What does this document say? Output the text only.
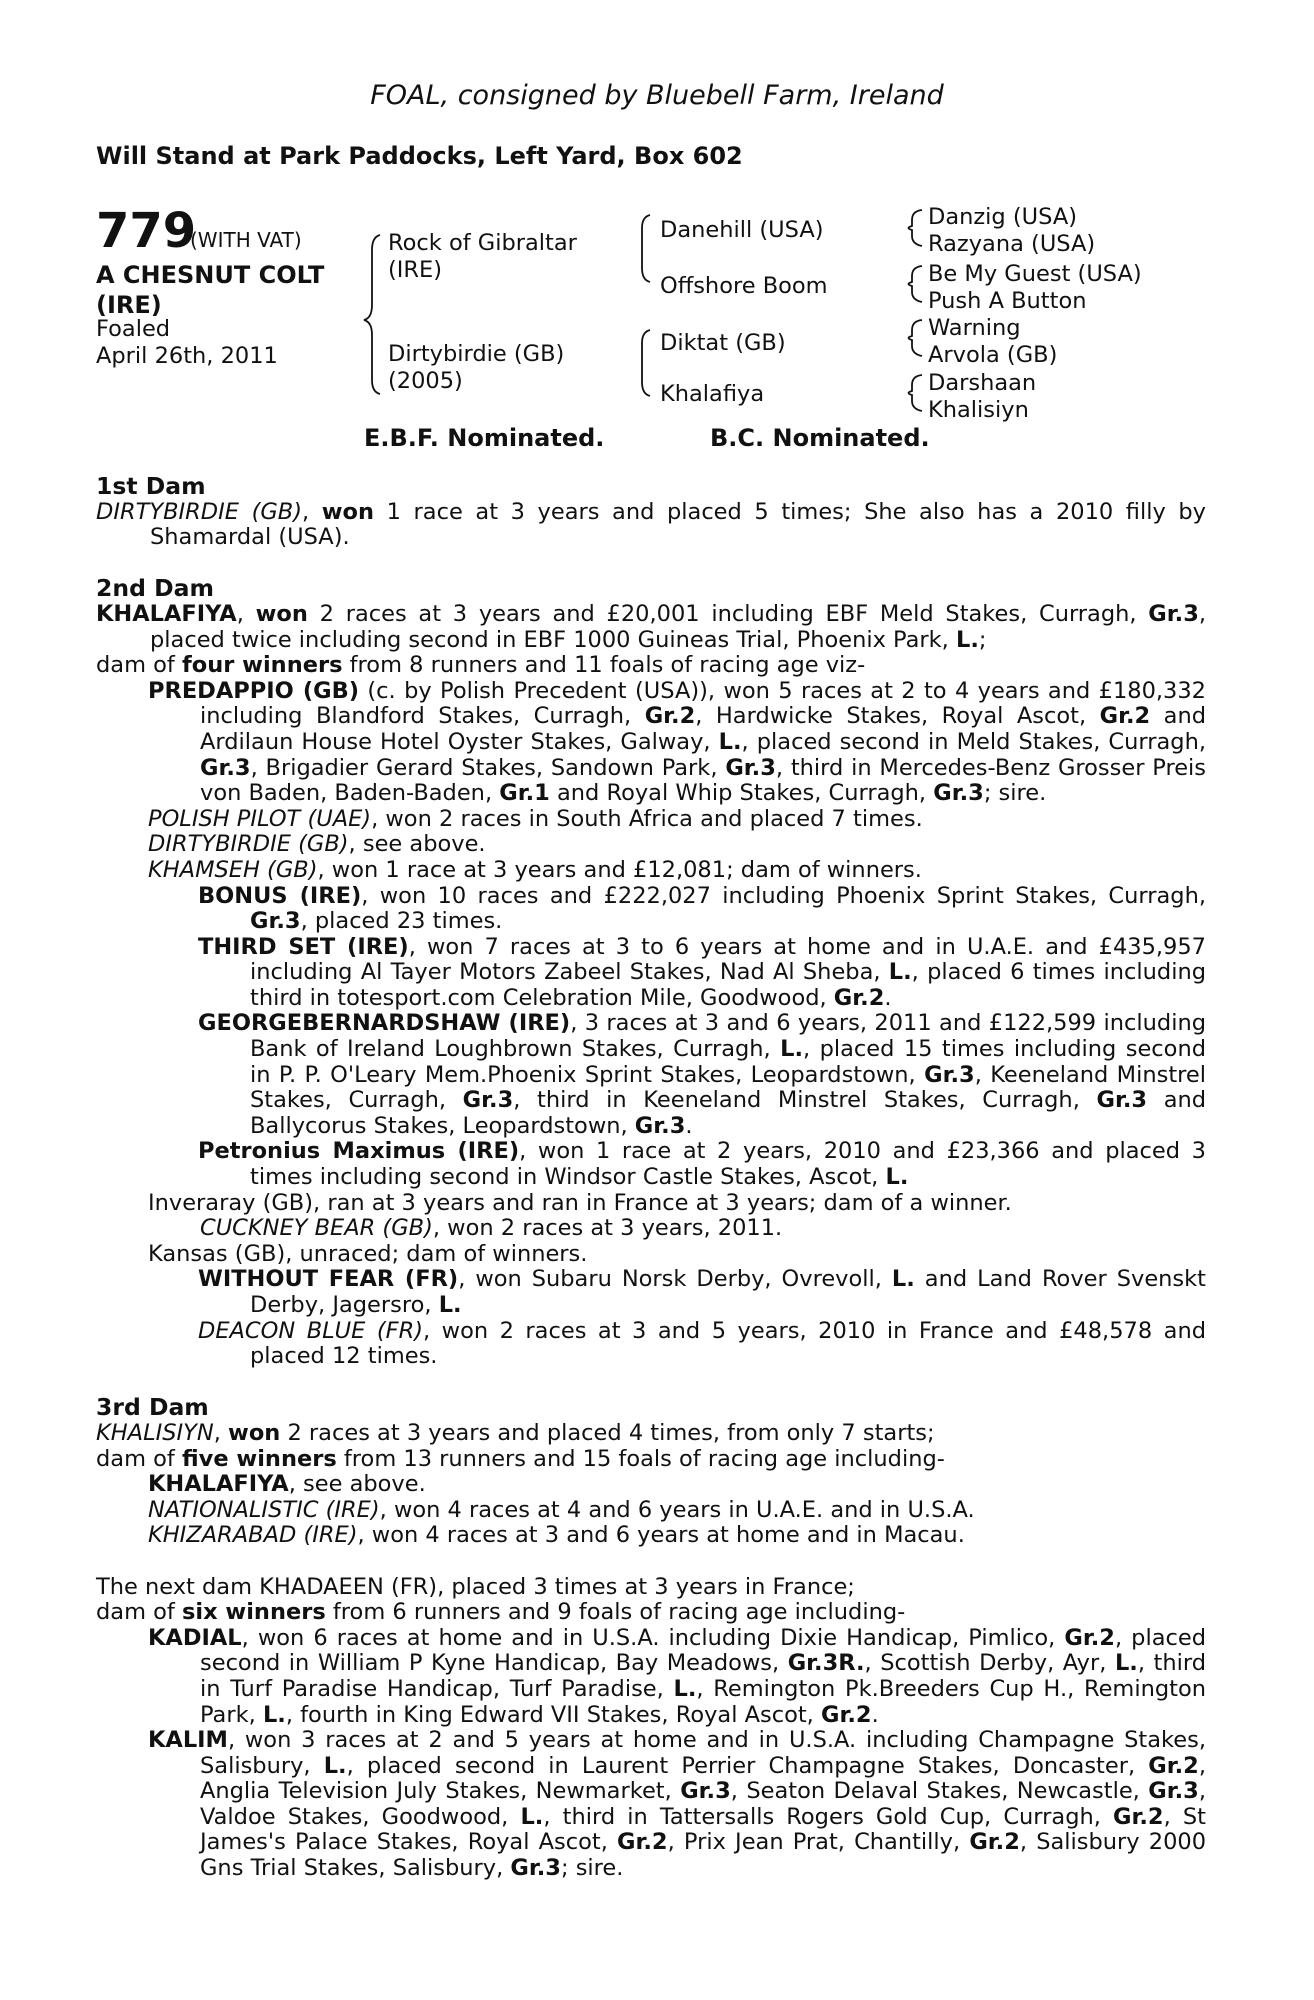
FOAL, consigned by Bluebell Farm, Ireland
Will Stand at Park Paddocks, Left Yard, Box 602
779
(WITH VAT)
A CHESNUT COLT
(IRE)
Foaled
April 26th, 2011
Rock of Gibraltar
(IRE)
Dirtybirdie (GB)
(2005)
Danehill (USA)
Offshore Boom
Diktat (GB)
Khalafiya
Danzig (USA)
Razyana (USA)
Be My Guest (USA)
Push A Button
Warning
Arvola (GB)
Darshaan
Khalisiyn
E.B.F. Nominated.	B.C. Nominated.

1st Dam

DIRTYBIRDIE (GB), won 1 race at 3 years and placed 5 times; She also has a 2010 filly by Shamardal (USA).

2nd Dam

KHALAFIYA, won 2 races at 3 years and £20,001 including EBF Meld Stakes, Curragh, Gr.3, placed twice including second in EBF 1000 Guineas Trial, Phoenix Park, L.;

dam of four winners from 8 runners and 11 foals of racing age viz-

PREDAPPIO (GB) (c. by Polish Precedent (USA)), won 5 races at 2 to 4 years and £180,332 including Blandford Stakes, Curragh, Gr.2, Hardwicke Stakes, Royal Ascot, Gr.2 and Ardilaun House Hotel Oyster Stakes, Galway, L., placed second in Meld Stakes, Curragh, Gr.3, Brigadier Gerard Stakes, Sandown Park, Gr.3, third in Mercedes-Benz Grosser Preis von Baden, Baden-Baden, Gr.1 and Royal Whip Stakes, Curragh, Gr.3; sire.

POLISH PILOT (UAE), won 2 races in South Africa and placed 7 times.

DIRTYBIRDIE (GB), see above.

KHAMSEH (GB), won 1 race at 3 years and £12,081; dam of winners.

BONUS (IRE), won 10 races and £222,027 including Phoenix Sprint Stakes, Curragh, Gr.3, placed 23 times.

THIRD SET (IRE), won 7 races at 3 to 6 years at home and in U.A.E. and £435,957 including Al Tayer Motors Zabeel Stakes, Nad Al Sheba, L., placed 6 times including third in totesport.com Celebration Mile, Goodwood, Gr.2.

GEORGEBERNARDSHAW (IRE), 3 races at 3 and 6 years, 2011 and £122,599 including Bank of Ireland Loughbrown Stakes, Curragh, L., placed 15 times including second in P. P. O'Leary Mem.Phoenix Sprint Stakes, Leopardstown, Gr.3, Keeneland Minstrel Stakes, Curragh, Gr.3, third in Keeneland Minstrel Stakes, Curragh, Gr.3 and Ballycorus Stakes, Leopardstown, Gr.3.

Petronius Maximus (IRE), won 1 race at 2 years, 2010 and £23,366 and placed 3 times including second in Windsor Castle Stakes, Ascot, L.

Inveraray (GB), ran at 3 years and ran in France at 3 years; dam of a winner.

CUCKNEY BEAR (GB), won 2 races at 3 years, 2011.

Kansas (GB), unraced; dam of winners.

WITHOUT FEAR (FR), won Subaru Norsk Derby, Ovrevoll, L. and Land Rover Svenskt Derby, Jagersro, L.

DEACON BLUE (FR), won 2 races at 3 and 5 years, 2010 in France and £48,578 and placed 12 times.

3rd Dam

KHALISIYN, won 2 races at 3 years and placed 4 times, from only 7 starts;

dam of five winners from 13 runners and 15 foals of racing age including-

KHALAFIYA, see above.

NATIONALISTIC (IRE), won 4 races at 4 and 6 years in U.A.E. and in U.S.A.

KHIZARABAD (IRE), won 4 races at 3 and 6 years at home and in Macau.

The next dam KHADAEEN (FR), placed 3 times at 3 years in France;

dam of six winners from 6 runners and 9 foals of racing age including-

KADIAL, won 6 races at home and in U.S.A. including Dixie Handicap, Pimlico, Gr.2, placed second in William P Kyne Handicap, Bay Meadows, Gr.3R., Scottish Derby, Ayr, L., third in Turf Paradise Handicap, Turf Paradise, L., Remington Pk.Breeders Cup H., Remington Park, L., fourth in King Edward VII Stakes, Royal Ascot, Gr.2.

KALIM, won 3 races at 2 and 5 years at home and in U.S.A. including Champagne Stakes, Salisbury, L., placed second in Laurent Perrier Champagne Stakes, Doncaster, Gr.2, Anglia Television July Stakes, Newmarket, Gr.3, Seaton Delaval Stakes, Newcastle, Gr.3, Valdoe Stakes, Goodwood, L., third in Tattersalls Rogers Gold Cup, Curragh, Gr.2, St James's Palace Stakes, Royal Ascot, Gr.2, Prix Jean Prat, Chantilly, Gr.2, Salisbury 2000 Gns Trial Stakes, Salisbury, Gr.3; sire.
